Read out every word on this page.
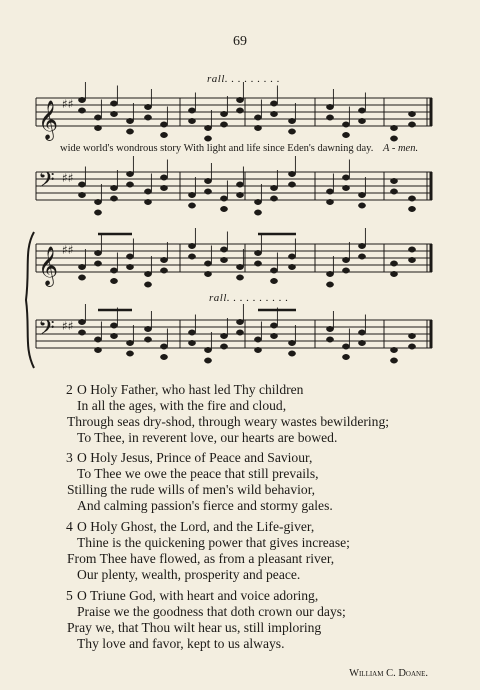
69
rall. . . . . . . . .
𝄞 ♯♯
𝄢 ♯♯
𝄞 ♯♯
𝄢 ♯♯
wide world's wondrous story With light and life since Eden's dawning day. A - men.
rall. . . . . . . . . .
2 O Holy Father, who hast led Thy children
In all the ages, with the fire and cloud,
Through seas dry-shod, through weary wastes bewildering;
To Thee, in reverent love, our hearts are bowed.
3 O Holy Jesus, Prince of Peace and Saviour,
To Thee we owe the peace that still prevails,
Stilling the rude wills of men's wild behavior,
And calming passion's fierce and stormy gales.
4 O Holy Ghost, the Lord, and the Life-giver,
Thine is the quickening power that gives increase;
From Thee have flowed, as from a pleasant river,
Our plenty, wealth, prosperity and peace.
5 O Triune God, with heart and voice adoring,
Praise we the goodness that doth crown our days;
Pray we, that Thou wilt hear us, still imploring
Thy love and favor, kept to us always.
William C. Doane.
